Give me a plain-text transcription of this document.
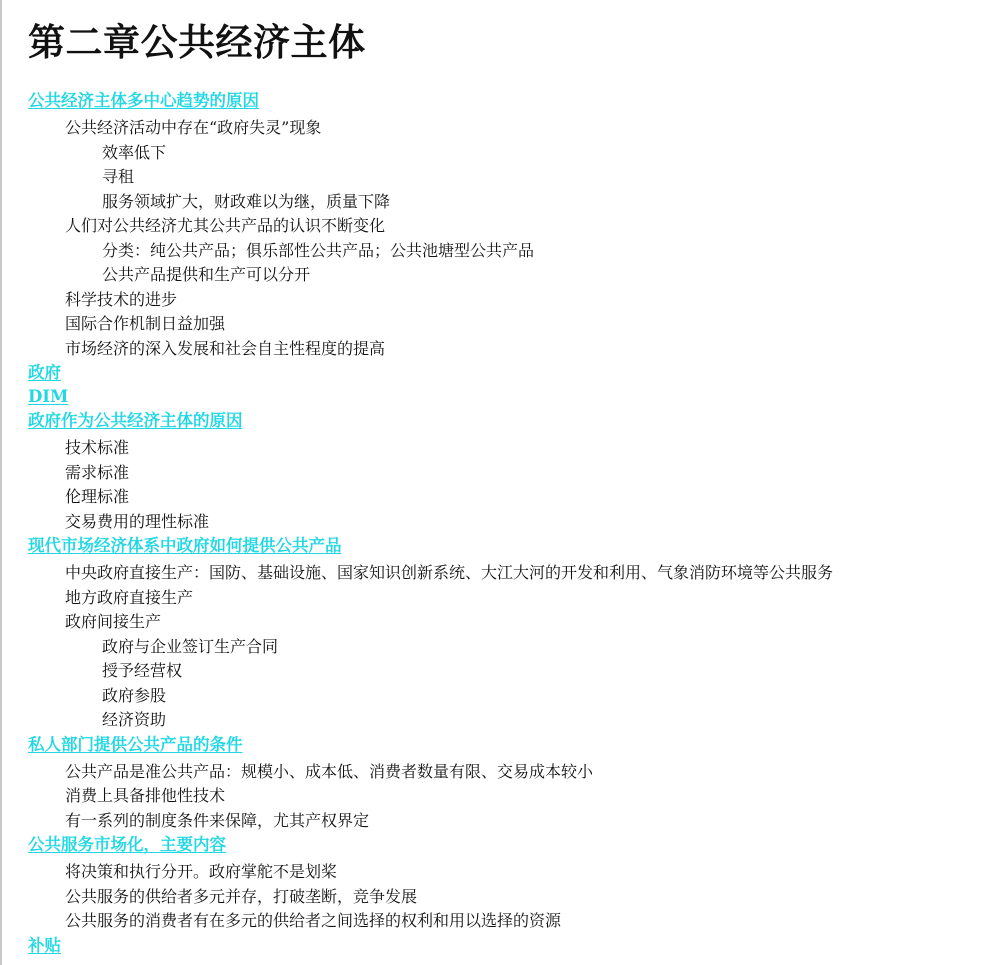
第二章公共经济主体
公共经济主体多中心趋势的原因
公共经济活动中存在“政府失灵”现象
效率低下
寻租
服务领域扩大，财政难以为继，质量下降
人们对公共经济尤其公共产品的认识不断变化
分类：纯公共产品；俱乐部性公共产品；公共池塘型公共产品
公共产品提供和生产可以分开
科学技术的进步
国际合作机制日益加强
市场经济的深入发展和社会自主性程度的提高
政府
DIM
政府作为公共经济主体的原因
技术标准
需求标准
伦理标准
交易费用的理性标准
现代市场经济体系中政府如何提供公共产品
中央政府直接生产：国防、基础设施、国家知识创新系统、大江大河的开发和利用、气象消防环境等公共服务
地方政府直接生产
政府间接生产
政府与企业签订生产合同
授予经营权
政府参股
经济资助
私人部门提供公共产品的条件
公共产品是准公共产品：规模小、成本低、消费者数量有限、交易成本较小
消费上具备排他性技术
有一系列的制度条件来保障，尤其产权界定
公共服务市场化，主要内容
将决策和执行分开。政府掌舵不是划桨
公共服务的供给者多元并存，打破垄断，竞争发展
公共服务的消费者有在多元的供给者之间选择的权利和用以选择的资源
补贴
